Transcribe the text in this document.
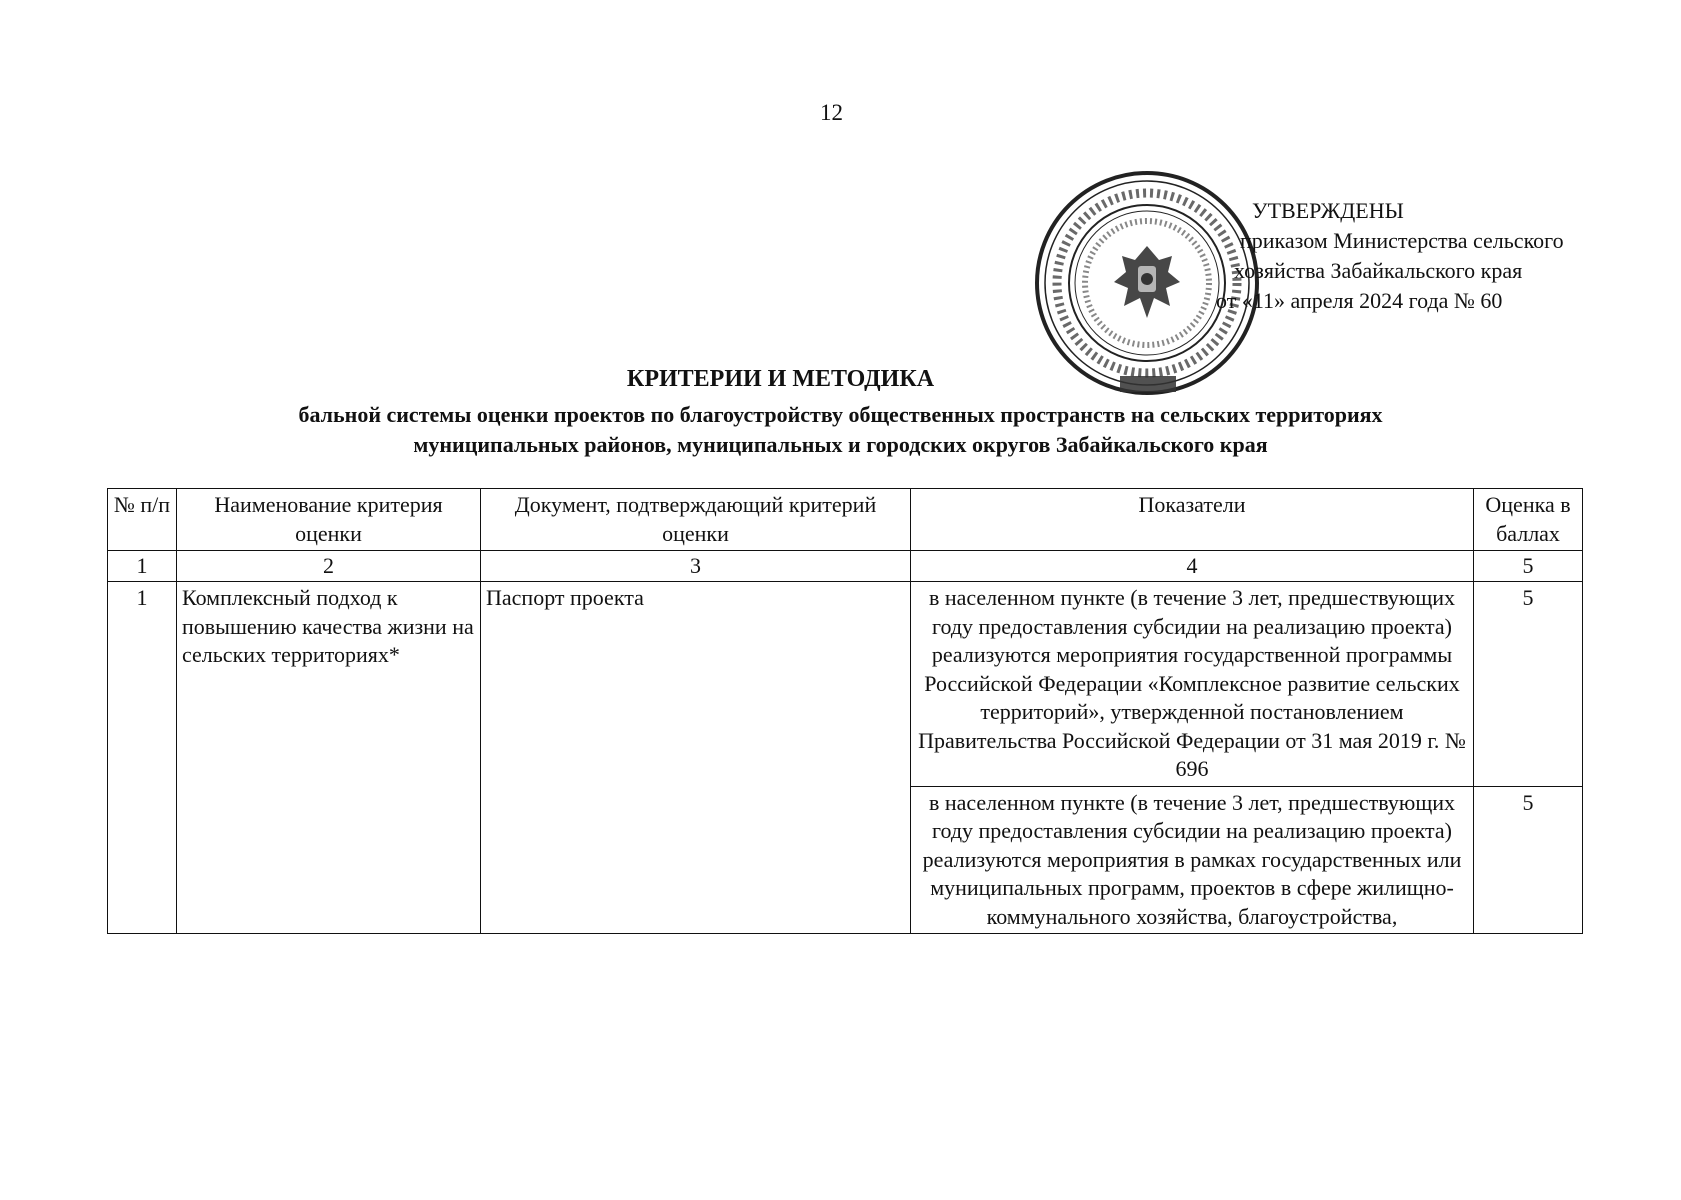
12
УТВЕРЖДЕНЫ
приказом Министерства сельского
хозяйства Забайкальского края
от «11» апреля 2024 года № 60
КРИТЕРИИ И МЕТОДИКА
бальной системы оценки проектов по благоустройству общественных пространств на сельских территориях
муниципальных районов, муниципальных и городских округов Забайкальского края
№ п/п	Наименование критерия оценки	Документ, подтверждающий критерий оценки	Показатели	Оценка в баллах
1	2	3	4	5
1	Комплексный подход к повышению качества жизни на сельских территориях*	Паспорт проекта	в населенном пункте (в течение 3 лет, предшествующих году предоставления субсидии на реализацию проекта) реализуются мероприятия государственной программы Российской Федерации «Комплексное развитие сельских территорий», утвержденной постановлением Правительства Российской Федерации от 31 мая 2019 г. № 696	5
			в населенном пункте (в течение 3 лет, предшествующих году предоставления субсидии на реализацию проекта) реализуются мероприятия в рамках государственных или муниципальных программ, проектов в сфере жилищно-коммунального хозяйства, благоустройства,	5
